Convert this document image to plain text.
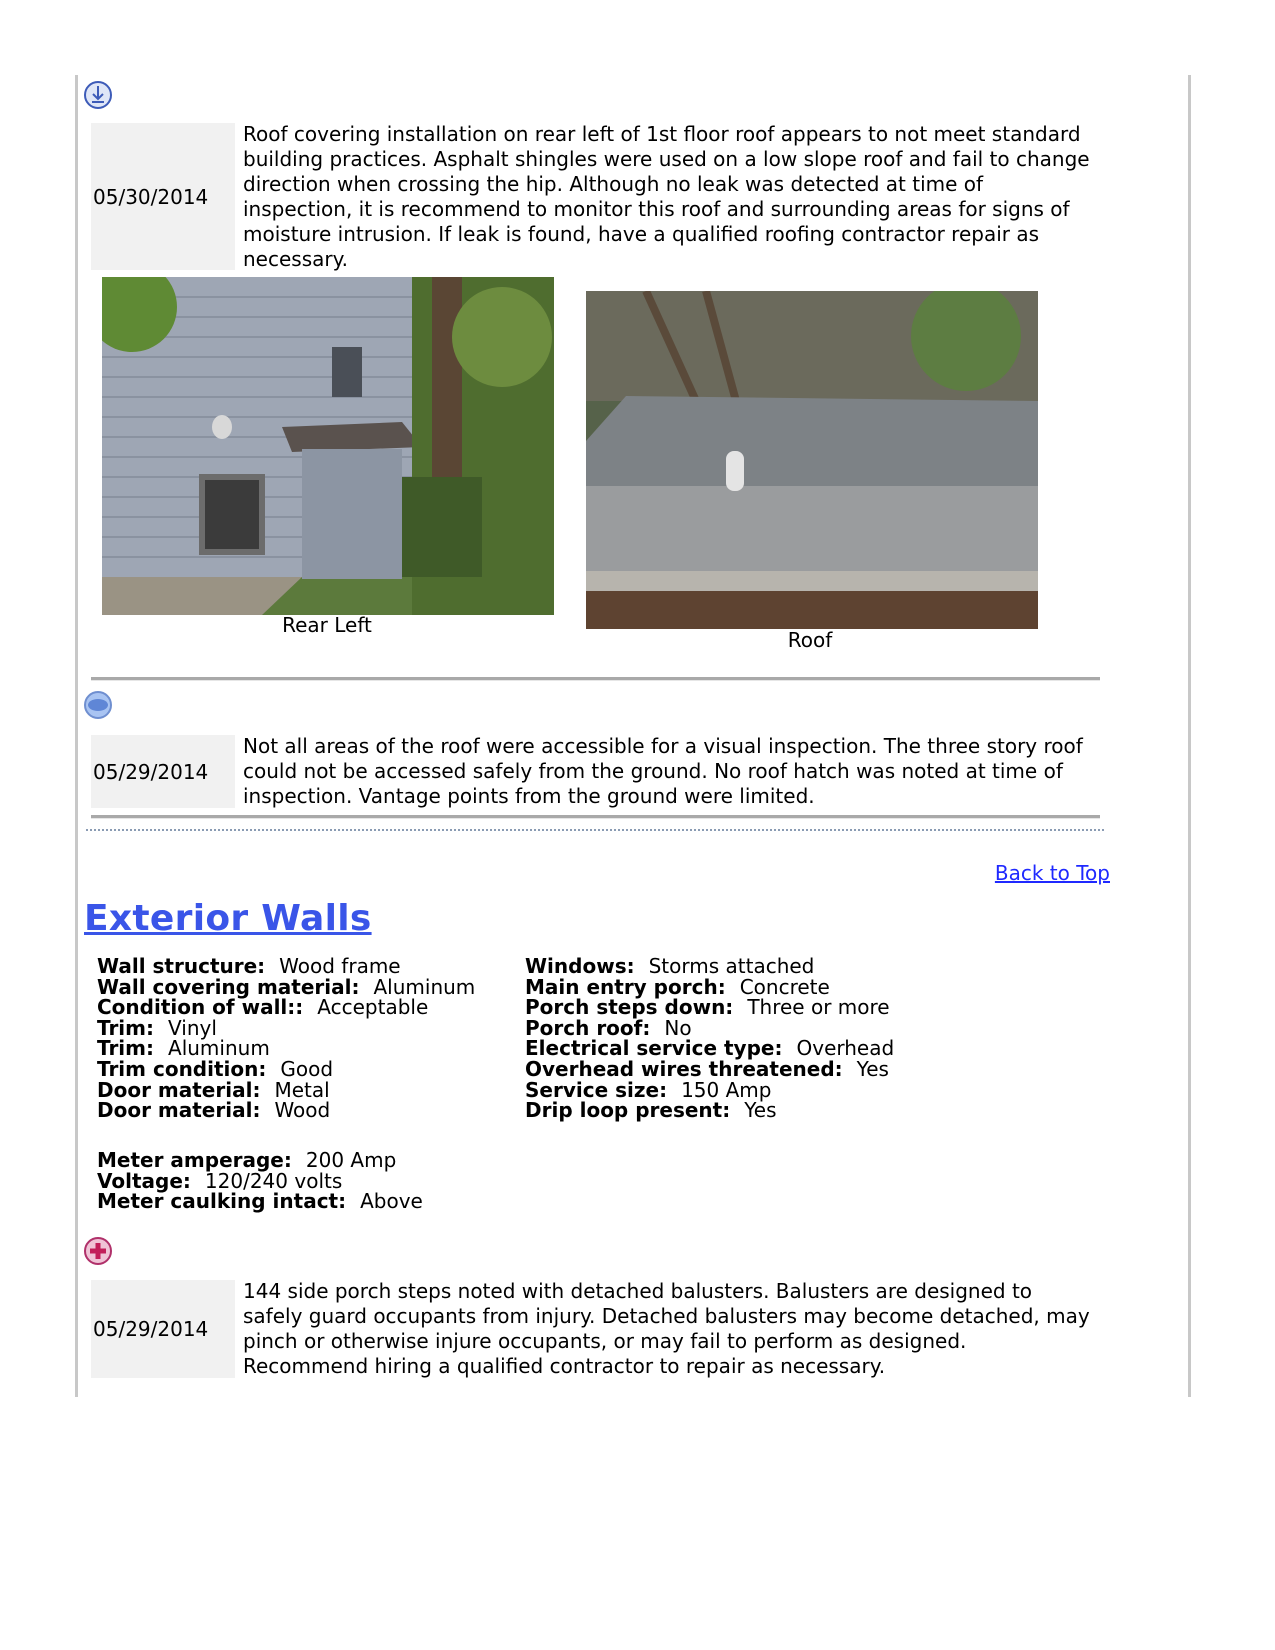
05/30/2014
Roof covering installation on rear left of 1st floor roof appears to not meet standard building practices. Asphalt shingles were used on a low slope roof and fail to change direction when crossing the hip. Although no leak was detected at time of inspection, it is recommend to monitor this roof and surrounding areas for signs of moisture intrusion. If leak is found, have a qualified roofing contractor repair as necessary.
Rear Left
Roof
05/29/2014
Not all areas of the roof were accessible for a visual inspection. The three story roof could not be accessed safely from the ground. No roof hatch was noted at time of inspection. Vantage points from the ground were limited.
Back to Top
Exterior Walls
Wall structure: Wood frame
Wall covering material: Aluminum
Condition of wall:: Acceptable
Trim: Vinyl
Trim: Aluminum
Trim condition: Good
Door material: Metal
Door material: Wood
Windows: Storms attached
Main entry porch: Concrete
Porch steps down: Three or more
Porch roof: No
Electrical service type: Overhead
Overhead wires threatened: Yes
Service size: 150 Amp
Drip loop present: Yes
Meter amperage: 200 Amp
Voltage: 120/240 volts
Meter caulking intact: Above
05/29/2014
144 side porch steps noted with detached balusters. Balusters are designed to safely guard occupants from injury. Detached balusters may become detached, may pinch or otherwise injure occupants, or may fail to perform as designed. Recommend hiring a qualified contractor to repair as necessary.
